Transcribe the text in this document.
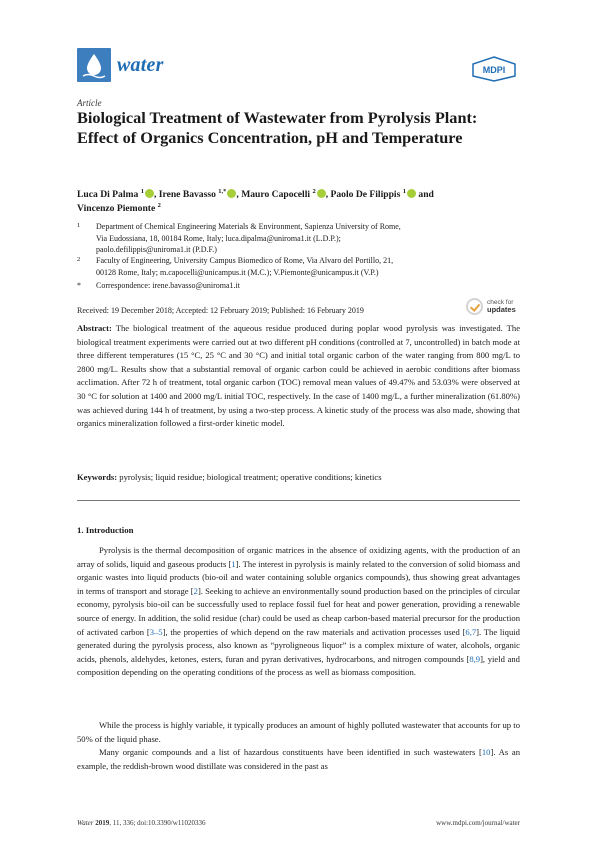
water	MDPI
Article
Biological Treatment of Wastewater from Pyrolysis Plant: Effect of Organics Concentration, pH and Temperature
Luca Di Palma $^1$ , Irene Bavasso $^{1,*}$ , Mauro Capocelli $^2$ , Paolo De Filippis $^1$ and
Vincenzo Piemonte $^2$
1 Department of Chemical Engineering Materials & Environment, Sapienza University of Rome,
Via Eudossiana, 18, 00184 Rome, Italy; luca.dipalma@uniroma1.it (L.D.P.);
paolo.defilippis@uniroma1.it (P.D.F.)
2 Faculty of Engineering, University Campus Biomedico of Rome, Via Alvaro del Portillo, 21,
00128 Rome, Italy; m.capocelli@unicampus.it (M.C.); V.Piemonte@unicampus.it (V.P.)
* Correspondence: irene.bavasso@uniroma1.it
Received: 19 December 2018; Accepted: 12 February 2019; Published: 16 February 2019
check for
updates
Abstract: The biological treatment of the aqueous residue produced during poplar wood pyrolysis was investigated. The biological treatment experiments were carried out at two different pH conditions (controlled at 7, uncontrolled) in batch mode at three different temperatures (15 °C, 25 °C and 30 °C) and initial total organic carbon of the water ranging from 800 mg/L to 2800 mg/L. Results show that a substantial removal of organic carbon could be achieved in aerobic conditions after biomass acclimation. After 72 h of treatment, total organic carbon (TOC) removal mean values of 49.47% and 53.03% were observed at 30 °C for solution at 1400 and 2000 mg/L initial TOC, respectively. In the case of 1400 mg/L, a further mineralization (61.80%) was achieved during 144 h of treatment, by using a two-step process. A kinetic study of the process was also made, showing that organics mineralization followed a first-order kinetic model.
Keywords: pyrolysis; liquid residue; biological treatment; operative conditions; kinetics
1. Introduction
Pyrolysis is the thermal decomposition of organic matrices in the absence of oxidizing agents, with the production of an array of solids, liquid and gaseous products [1]. The interest in pyrolysis is mainly related to the conversion of solid biomass and organic wastes into liquid products (bio-oil and water containing soluble organics compounds), thus showing great advantages in terms of transport and storage [2]. Seeking to achieve an environmentally sound production based on the principles of circular economy, pyrolysis bio-oil can be successfully used to replace fossil fuel for heat and power generation, providing a renewable source of energy. In addition, the solid residue (char) could be used as cheap carbon-based material precursor for the production of activated carbon [3–5], the properties of which depend on the raw materials and activation processes used [6,7]. The liquid generated during the pyrolysis process, also known as “pyroligneous liquor” is a complex mixture of water, alcohols, organic acids, phenols, aldehydes, ketones, esters, furan and pyran derivatives, hydrocarbons, and nitrogen compounds [8,9], yield and composition depending on the operating conditions of the process as well as biomass composition.
While the process is highly variable, it typically produces an amount of highly polluted wastewater that accounts for up to 50% of the liquid phase.
Many organic compounds and a list of hazardous constituents have been identified in such wastewaters [10]. As an example, the reddish-brown wood distillate was considered in the past as
Water 2019, 11, 336; doi:10.3390/w11020336	www.mdpi.com/journal/water
